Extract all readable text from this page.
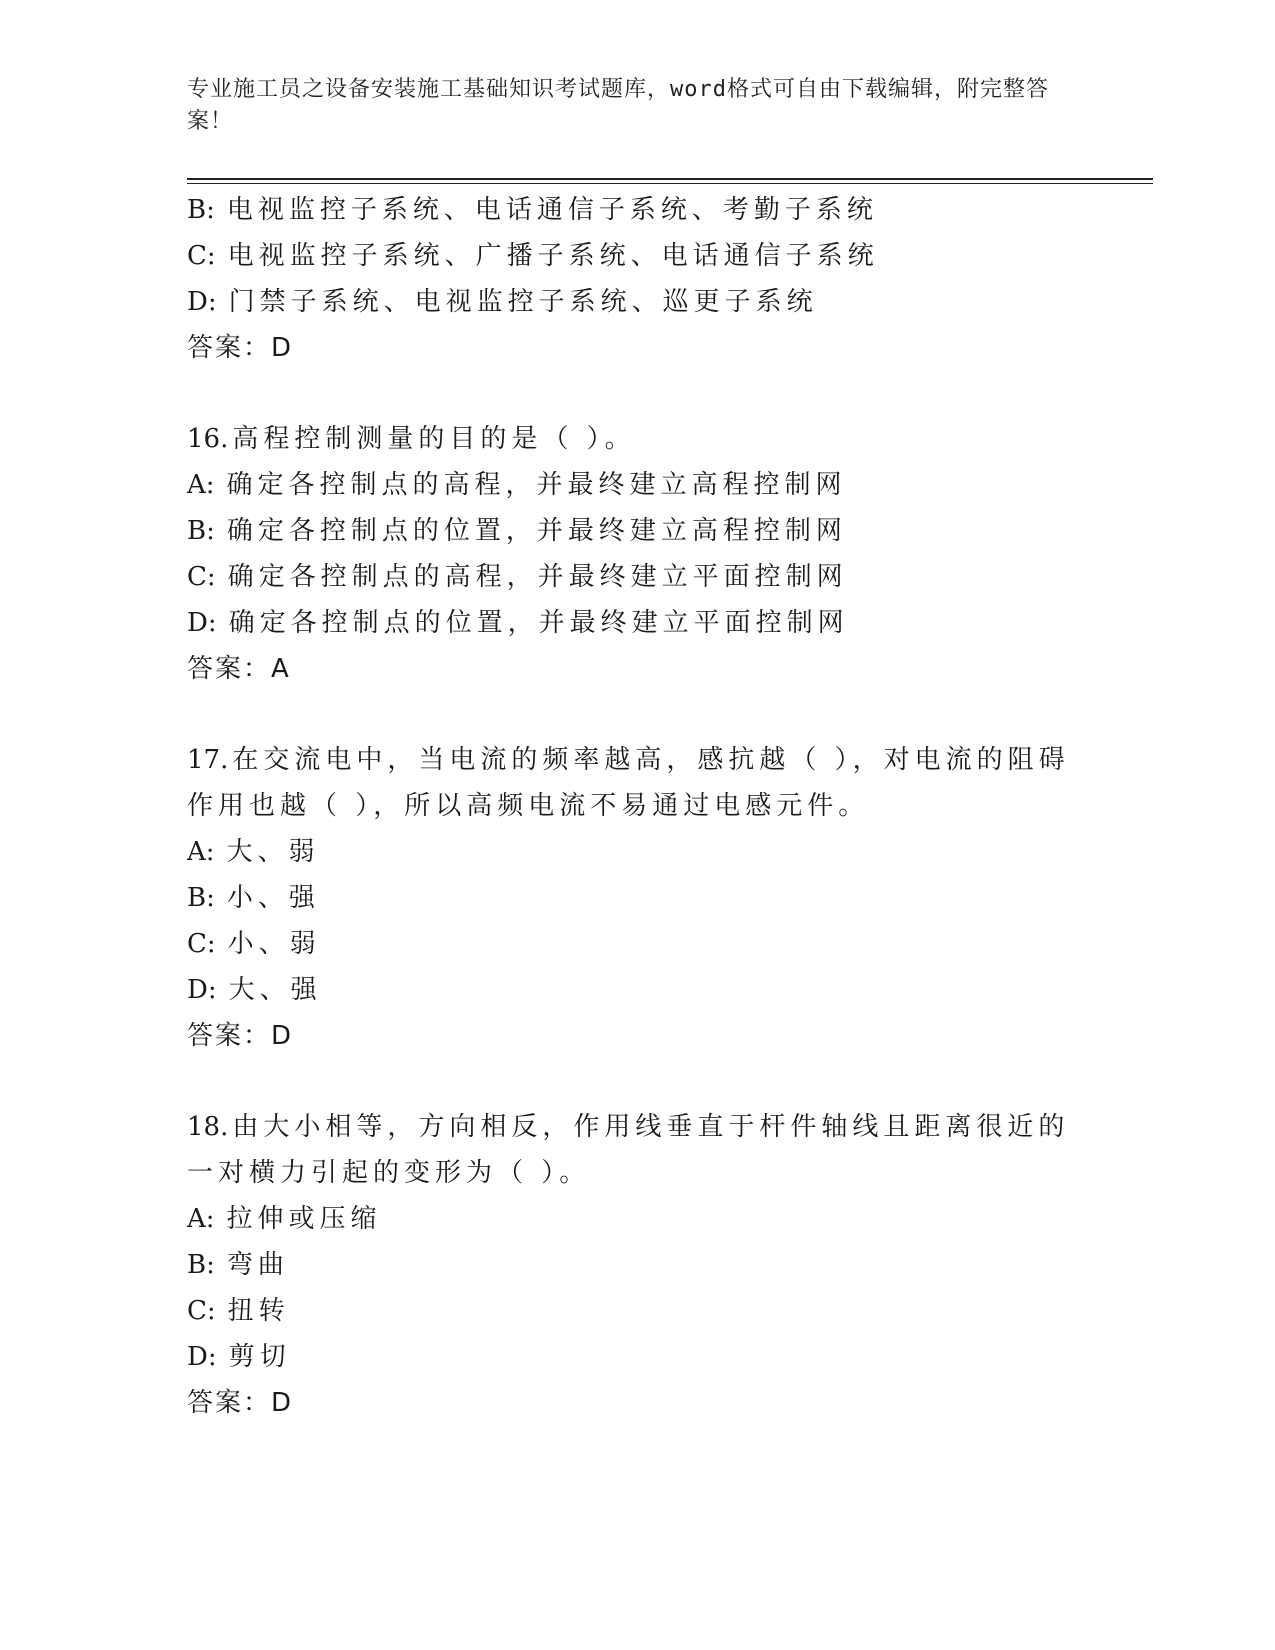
专业施工员之设备安装施工基础知识考试题库，word格式可自由下载编辑，附完整答案！
B: 电视监控子系统、电话通信子系统、考勤子系统
C: 电视监控子系统、广播子系统、电话通信子系统
D: 门禁子系统、电视监控子系统、巡更子系统
答案：D
16. 高程控制测量的目的是（ ）。
A: 确定各控制点的高程，并最终建立高程控制网
B: 确定各控制点的位置，并最终建立高程控制网
C: 确定各控制点的高程，并最终建立平面控制网
D: 确定各控制点的位置，并最终建立平面控制网
答案：A
17. 在交流电中，当电流的频率越高，感抗越（ ），对电流的阻碍作用也越（ ），所以高频电流不易通过电感元件。
A: 大、弱
B: 小、强
C: 小、弱
D: 大、强
答案：D
18. 由大小相等，方向相反，作用线垂直于杆件轴线且距离很近的一对横力引起的变形为（ ）。
A: 拉伸或压缩
B: 弯曲
C: 扭转
D: 剪切
答案：D
